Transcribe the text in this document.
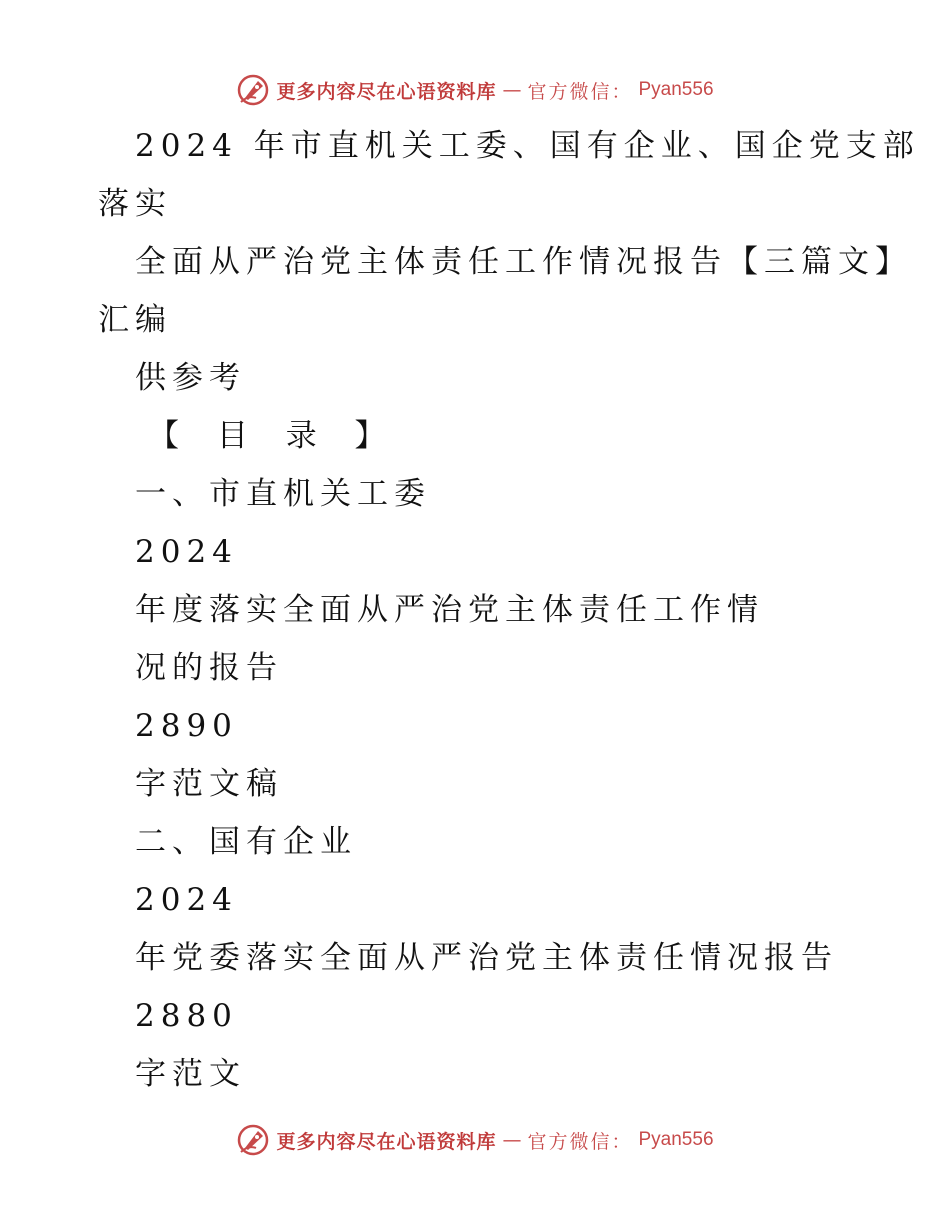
更多内容尽在心语资料库 — 官方微信： Pyan556
2024 年市直机关工委、国有企业、国企党支部
落实
全面从严治党主体责任工作情况报告【三篇文】
汇编
供参考
【 目 录 】
一、市直机关工委
2024
年度落实全面从严治党主体责任工作情
况的报告
2890
字范文稿
二、国有企业
2024
年党委落实全面从严治党主体责任情况报告
2880
字范文
更多内容尽在心语资料库 — 官方微信： Pyan556
